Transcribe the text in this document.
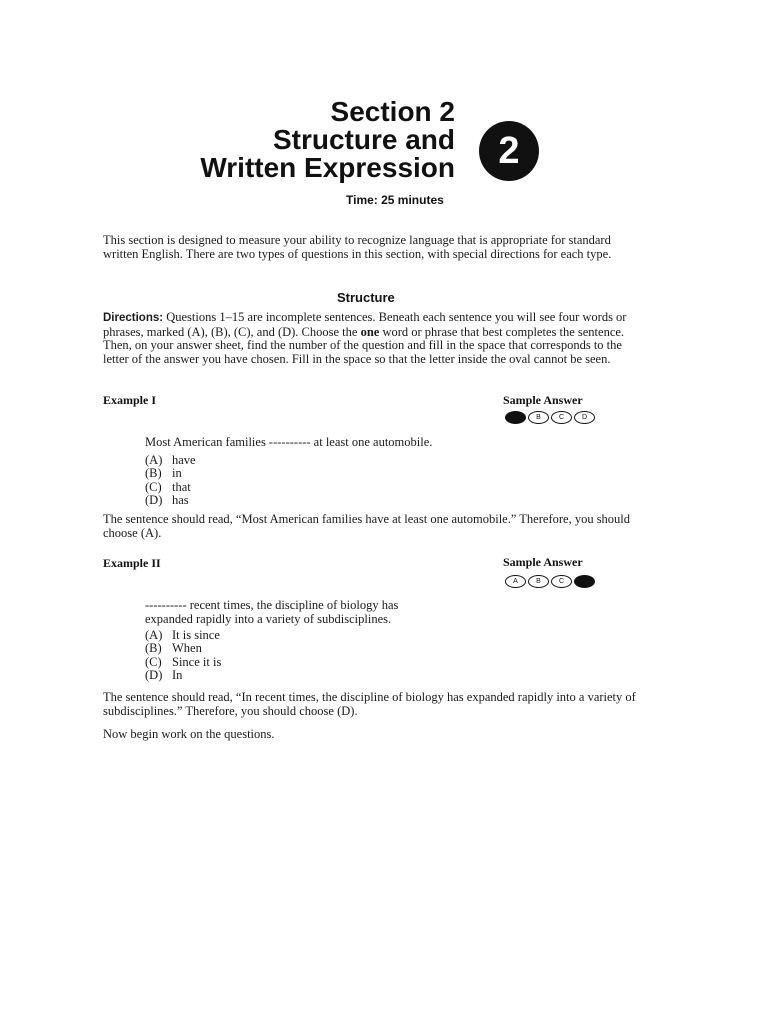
Section 2
Structure and
Written Expression	2
Time: 25 minutes
This section is designed to measure your ability to recognize language that is appropriate for standard written English. There are two types of questions in this section, with special directions for each type.
Structure
Directions: Questions 1–15 are incomplete sentences. Beneath each sentence you will see four words or phrases, marked (A), (B), (C), and (D). Choose the one word or phrase that best completes the sentence. Then, on your answer sheet, find the number of the question and fill in the space that corresponds to the letter of the answer you have chosen. Fill in the space so that the letter inside the oval cannot be seen.
Example I	Sample Answer
A	B	C	D
Most American families ---------- at least one automobile.
(A) have
(B) in
(C) that
(D) has
The sentence should read, “Most American families have at least one automobile.” Therefore, you should choose (A).
Example II	Sample Answer
A	B	C	D
---------- recent times, the discipline of biology has expanded rapidly into a variety of subdisciplines.
(A) It is since
(B) When
(C) Since it is
(D) In
The sentence should read, “In recent times, the discipline of biology has expanded rapidly into a variety of subdisciplines.” Therefore, you should choose (D).
Now begin work on the questions.
